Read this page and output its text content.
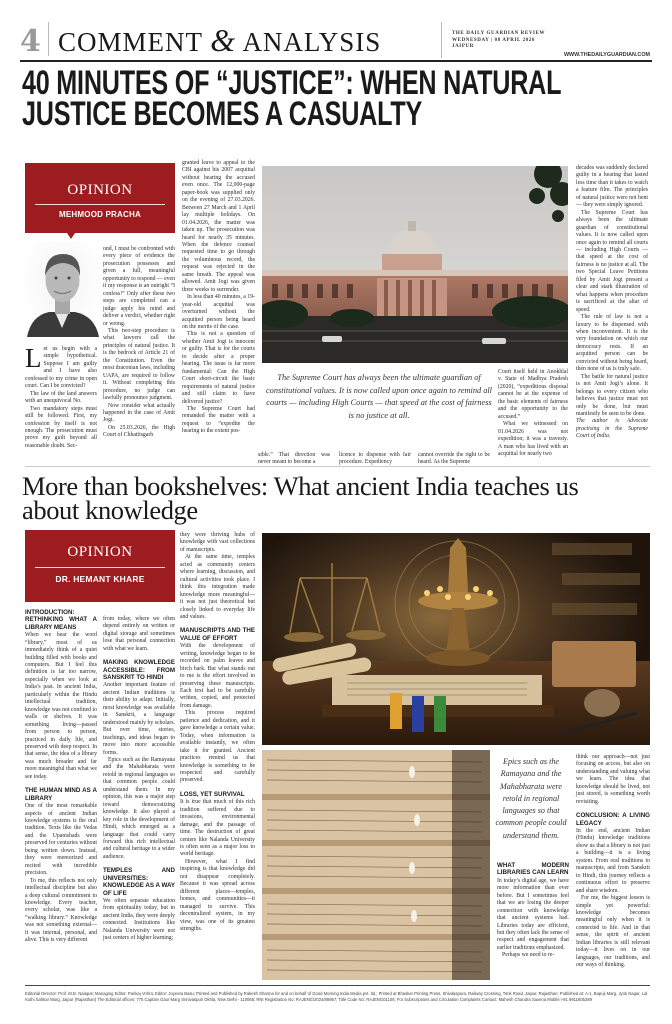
4 COMMENT & ANALYSIS	THE DAILY GUARDIAN REVIEW
WEDNESDAY | 08 APRIL 2026
JAIPUR
WWW.THEDAILYGUARDIAN.COM
40 MINUTES OF “JUSTICE”: WHEN NATURAL
JUSTICE BECOMES A CASUALTY
OPINION
MEHMOOD PRACHA
L et us begin with a simple hypothetical. Suppose I am guilty and I have also confessed to my crime in open court. Can I be convicted?

The law of the land answers with an unequivocal No.

Two mandatory steps must still be followed. First, my confession by itself is not enough. The prosecution must prove my guilt beyond all reasonable doubt. Sec-

ond, I must be confronted with every piece of evidence the prosecution possesses and given a full, meaningful opportunity to respond — even if my response is an outright “I confess!” Only after these two steps are completed can a judge apply his mind and deliver a verdict, whether right or wrong.

This two-step procedure is what lawyers call the principles of natural justice. It is the bedrock of Article 21 of the Constitution. Even the most draconian laws, including UAPA, are required to follow it. Without completing this procedure, no judge can lawfully pronounce judgment.

Now consider what actually happened in the case of Amit Jogi.

On 25.03.2026, the High Court of Chhattisgarh

granted leave to appeal to the CBI against his 2007 acquittal without hearing the accused even once. The 12,000-page paper-book was supplied only on the evening of 27.03.2026. Between 27 March and 1 April lay multiple holidays. On 01.04.2026, the matter was taken up. The prosecution was heard for nearly 35 minutes. When the defence counsel requested time to go through the voluminous record, the request was rejected in the same breath. The appeal was allowed. Amit Jogi was given three weeks to surrender.

In less than 40 minutes, a 19-year-old acquittal was overturned without the acquitted person being heard on the merits of the case.

This is not a question of whether Amit Jogi is innocent or guilty. That is for the courts to decide after a proper hearing. The issue is far more fundamental: Can the High Court short-circuit the basic requirements of natural justice and still claim to have delivered justice?

The Supreme Court had remanded the matter with a request to “expedite the hearing to the extent pos-

The Supreme Court has always been the ultimate guardian of constitutional values. It is now called upon once again to remind all courts — including High Courts — that speed at the cost of fairness is no justice at all.

sible.” That direction was never meant to become a

licence to dispense with fair procedure. Expediency

cannot override the right to be heard. As the Supreme

Court itself held in Anokhlal v. State of Madhya Pradesh (2020), “expeditious disposal cannot be at the expense of the basic elements of fairness and the opportunity to the accused.”

What we witnessed on 01.04.2026 was not expedition; it was a travesty. A man who has lived with an acquittal for nearly two

decades was suddenly declared guilty in a hearing that lasted less time than it takes to watch a feature film. The principles of natural justice were not bent — they were simply ignored.

The Supreme Court has always been the ultimate guardian of constitutional values. It is now called upon once again to remind all courts — including High Courts — that speed at the cost of fairness is no justice at all. The two Special Leave Petitions filed by Amit Jogi present a clear and stark illustration of what happens when procedure is sacrificed at the altar of speed.

The rule of law is not a luxury to be dispensed with when inconvenient. It is the very foundation on which our democracy rests. If an acquitted person can be convicted without being heard, then none of us is truly safe.

The battle for natural justice is not Amit Jogi’s alone. It belongs to every citizen who believes that justice must not only be done, but must manifestly be seen to be done.

The author is Advocate practising in the Supreme Court of India.

More than bookshelves: What ancient India teaches us
about knowledge
OPINION
DR. HEMANT KHARE
INTRODUCTION: RETHINKING WHAT A LIBRARY MEANS

When we hear the word “library,” most of us immediately think of a quiet building filled with books and computers. But I feel this definition is far too narrow, especially when we look at India’s past. In ancient India, particularly within the Hindu intellectual tradition, knowledge was not confined to walls or shelves. It was something living—passed from person to person, practiced in daily life, and preserved with deep respect. In that sense, the idea of a library was much broader and far more meaningful than what we see today.

THE HUMAN MIND AS A LIBRARY

One of the most remarkable aspects of ancient Indian knowledge systems is the oral tradition. Texts like the Vedas and the Upanishads were preserved for centuries without being written down. Instead, they were memorized and recited with incredible precision.

To me, this reflects not only intellectual discipline but also a deep cultural commitment to knowledge. Every teacher, every scholar, was like a “walking library.” Knowledge was not something external—it was internal, personal, and alive. This is very different

from today, where we often depend entirely on written or digital storage and sometimes lose that personal connection with what we learn.

MAKING KNOWLEDGE ACCESSIBLE: FROM SANSKRIT TO HINDI

Another important feature of ancient Indian traditions is their ability to adapt. Initially, most knowledge was available in Sanskrit, a language understood mainly by scholars. But over time, stories, teachings, and ideas began to move into more accessible forms.

Epics such as the Ramayana and the Mahabharata were retold in regional languages so that common people could understand them. In my opinion, this was a major step toward democratizing knowledge. It also played a key role in the development of Hindi, which emerged as a language that could carry forward this rich intellectual and cultural heritage to a wider audience.

TEMPLES AND UNIVERSITIES: KNOWLEDGE AS A WAY OF LIFE

We often separate education from spirituality today, but in ancient India, they were deeply connected. Institutions like Nalanda University were not just centers of higher learning;

they were thriving hubs of knowledge with vast collections of manuscripts.

At the same time, temples acted as community centers where learning, discussion, and cultural activities took place. I think this integration made knowledge more meaningful—it was not just theoretical but closely linked to everyday life and values.

MANUSCRIPTS AND THE VALUE OF EFFORT

With the development of writing, knowledge began to be recorded on palm leaves and birch bark. But what stands out to me is the effort involved in preserving these manuscripts. Each text had to be carefully written, copied, and protected from damage.

This process required patience and dedication, and it gave knowledge a certain value. Today, when information is available instantly, we often take it for granted. Ancient practices remind us that knowledge is something to be respected and carefully preserved.

LOSS, YET SURVIVAL

It is true that much of this rich tradition suffered due to invasions, environmental damage, and the passage of time. The destruction of great centers like Nalanda University is often seen as a major loss to world heritage.

However, what I find inspiring is that knowledge did not disappear completely. Because it was spread across different places—temples, homes, and communities—it managed to survive. This decentralized system, in my view, was one of its greatest strengths.

Epics such as the Ramayana and the Mahabharata were retold in regional languages so that common people could understand them.
WHAT MODERN LIBRARIES CAN LEARN

In today’s digital age, we have more information than ever before. But I sometimes feel that we are losing the deeper connection with knowledge that ancient systems had. Libraries today are efficient, but they often lack the sense of respect and engagement that earlier traditions emphasized.

Perhaps we need to re-

think our approach—not just focusing on access, but also on understanding and valuing what we learn. The idea that knowledge should be lived, not just stored, is something worth revisiting.

CONCLUSION: A LIVING LEGACY

In the end, ancient Indian (Hindu) knowledge traditions show us that a library is not just a building—it is a living system. From oral traditions to manuscripts, and from Sanskrit to Hindi, this journey reflects a continuous effort to preserve and share wisdom.

For me, the biggest lesson is simple yet powerful: knowledge becomes meaningful only when it is connected to life. And in that sense, the spirit of ancient Indian libraries is still relevant today—it lives on in our languages, our traditions, and our ways of thinking.

Editorial Director: Prof. M.D. Nalapat; Managing Editor: Pankaj Vohra; Editor: Joyeeta Basu; Printed and Published by Rakesh Sharma for and on behalf of Good Morning India Media pvt. ltd.; Printed at Bhaskar Printing Press, Shivdaspura, Railway Crossing, Tonk Road, Jaipur, Rajasthan; Published at: A-1, Bapuji Marg, Jyoti Nagar, Lal Kothi Sahkar Marg, Jaipur (Rajasthan) The Editorial offices: 775 Captain Gaur Marg Srinivaspuri Okhla, New Delhi - 110065; RNI Registration No: RAJENG/2024/88957; Title Code No: RAJENG01106; For Subscriptions and Circulation Complaints Contact: Mahesh Chandra Saxena Mobile:+91 9911805289
